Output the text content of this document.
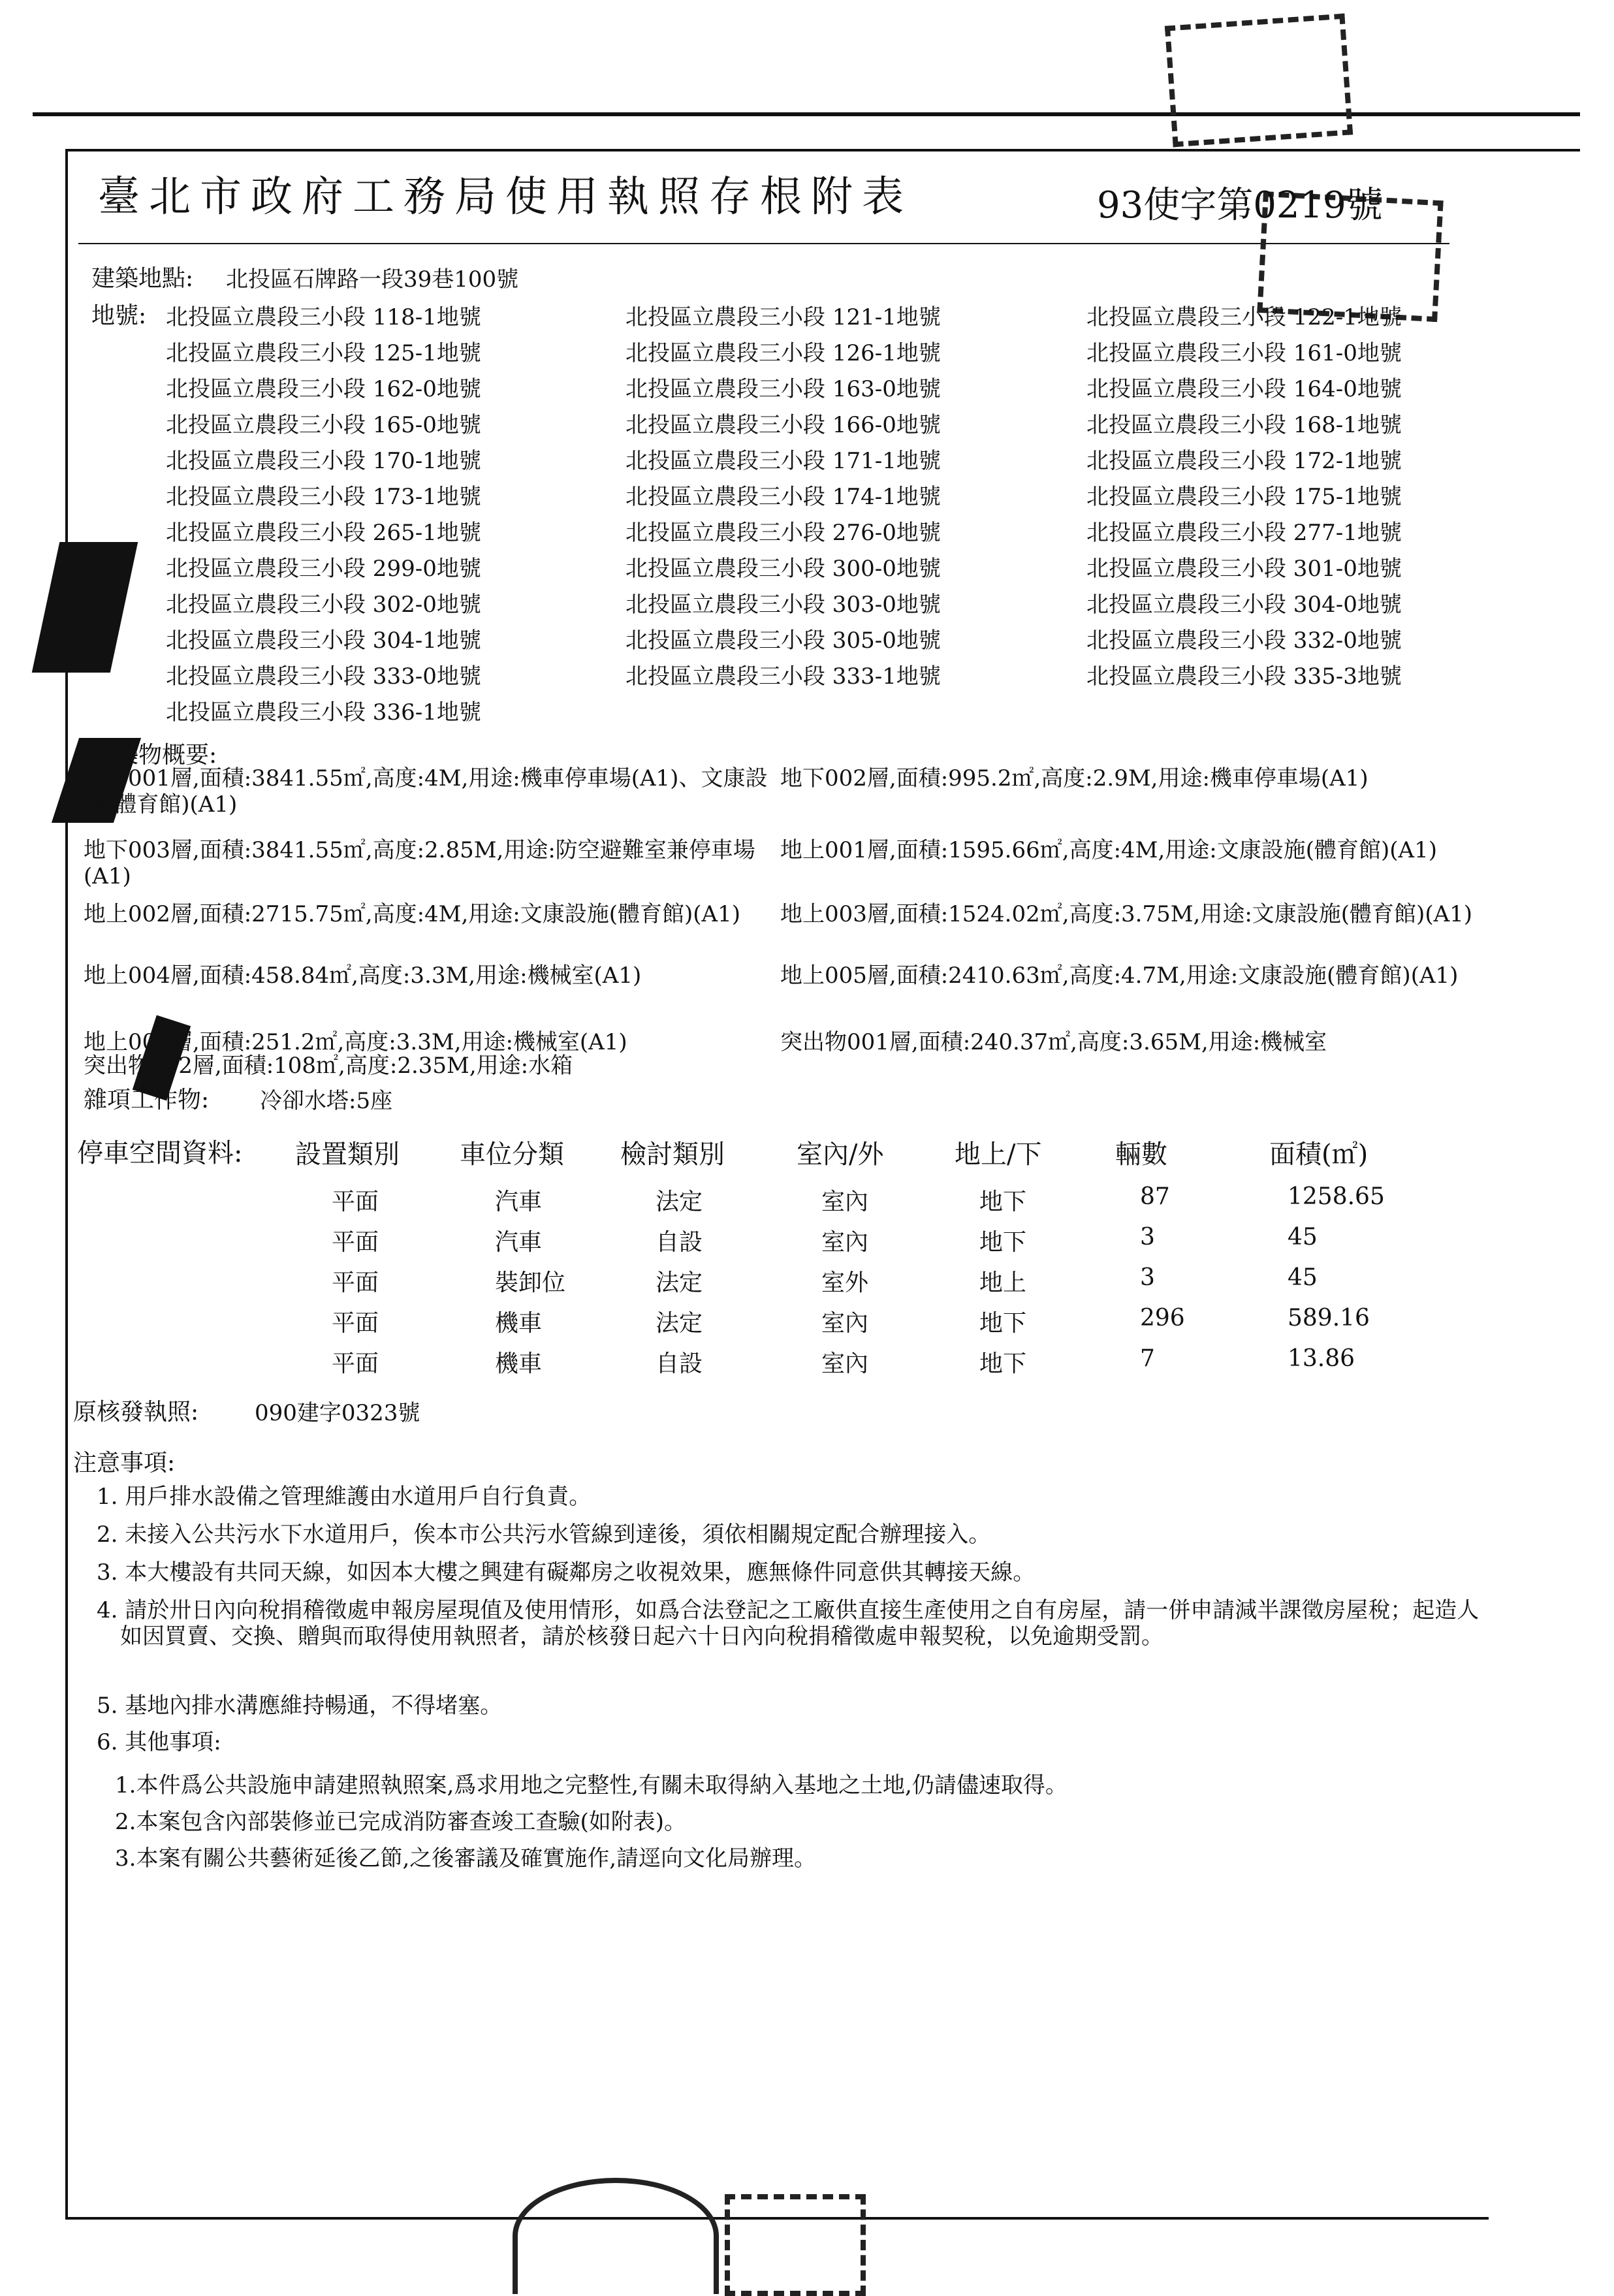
臺北市政府工務局使用執照存根附表	93使字第0219號
建築地點: 北投區石牌路一段39巷100號
地號: 北投區立農段三小段 118-1地號	北投區立農段三小段 121-1地號	北投區立農段三小段 122-1地號
北投區立農段三小段 125-1地號	北投區立農段三小段 126-1地號	北投區立農段三小段 161-0地號
北投區立農段三小段 162-0地號	北投區立農段三小段 163-0地號	北投區立農段三小段 164-0地號
北投區立農段三小段 165-0地號	北投區立農段三小段 166-0地號	北投區立農段三小段 168-1地號
北投區立農段三小段 170-1地號	北投區立農段三小段 171-1地號	北投區立農段三小段 172-1地號
北投區立農段三小段 173-1地號	北投區立農段三小段 174-1地號	北投區立農段三小段 175-1地號
北投區立農段三小段 265-1地號	北投區立農段三小段 276-0地號	北投區立農段三小段 277-1地號
北投區立農段三小段 299-0地號	北投區立農段三小段 300-0地號	北投區立農段三小段 301-0地號
北投區立農段三小段 302-0地號	北投區立農段三小段 303-0地號	北投區立農段三小段 304-0地號
北投區立農段三小段 304-1地號	北投區立農段三小段 305-0地號	北投區立農段三小段 332-0地號
北投區立農段三小段 333-0地號	北投區立農段三小段 333-1地號	北投區立農段三小段 335-3地號
北投區立農段三小段 336-1地號
建築物概要:
地下001層,面積:3841.55㎡,高度:4M,用途:機車停車場(A1)、文康設施(體育館)(A1)
地下002層,面積:995.2㎡,高度:2.9M,用途:機車停車場(A1)
地下003層,面積:3841.55㎡,高度:2.85M,用途:防空避難室兼停車場(A1)
地上001層,面積:1595.66㎡,高度:4M,用途:文康設施(體育館)(A1)
地上002層,面積:2715.75㎡,高度:4M,用途:文康設施(體育館)(A1)	地上003層,面積:1524.02㎡,高度:3.75M,用途:文康設施(體育館)(A1)
地上004層,面積:458.84㎡,高度:3.3M,用途:機械室(A1)	地上005層,面積:2410.63㎡,高度:4.7M,用途:文康設施(體育館)(A1)
地上006層,面積:251.2㎡,高度:3.3M,用途:機械室(A1)	突出物001層,面積:240.37㎡,高度:3.65M,用途:機械室
突出物002層,面積:108㎡,高度:2.35M,用途:水箱
雜項工作物: 冷卻水塔:5座
停車空間資料: 設置類別 車位分類 檢討類別	室內/外	地上/下	輛數	面積(㎡)
平面	汽車	法定	室內	地下	87	1258.65
平面	汽車	自設	室內	地下	3	45
平面	裝卸位	法定	室外	地上	3	45
平面	機車	法定	室內	地下	296	589.16
平面	機車	自設	室內	地下	7	13.86
原核發執照:	090建字0323號
注意事項:
1. 用戶排水設備之管理維護由水道用戶自行負責。
2. 未接入公共污水下水道用戶，俟本市公共污水管線到達後，須依相關規定配合辦理接入。
3. 本大樓設有共同天線，如因本大樓之興建有礙鄰房之收視效果，應無條件同意供其轉接天線。
4. 請於卅日內向稅捐稽徵處申報房屋現值及使用情形，如爲合法登記之工廠供直接生產使用之自有房屋，請一併申請減半課徵房屋稅；起造人如因買賣、交換、贈與而取得使用執照者，請於核發日起六十日內向稅捐稽徵處申報契稅，以免逾期受罰。
5. 基地內排水溝應維持暢通，不得堵塞。
6. 其他事項:
1.本件爲公共設施申請建照執照案,爲求用地之完整性,有關未取得納入基地之土地,仍請儘速取得。
2.本案包含內部裝修並已完成消防審查竣工查驗(如附表)。
3.本案有關公共藝術延後乙節,之後審議及確實施作,請逕向文化局辦理。
